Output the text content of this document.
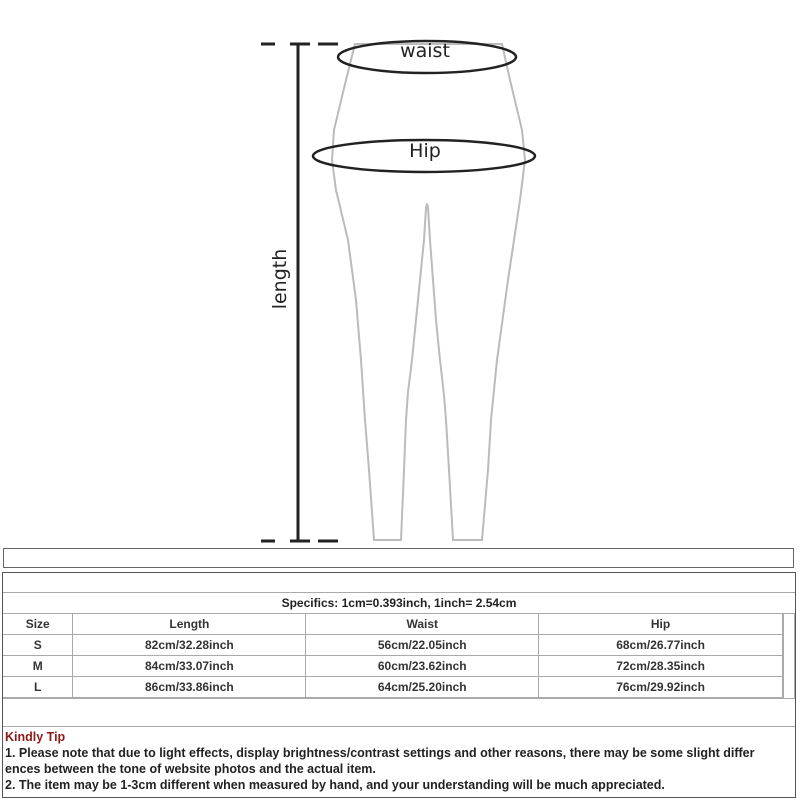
waist
Hip
length
Specifics: 1cm=0.393inch, 1inch= 2.54cm
Size	Length	Waist	Hip
S	82cm/32.28inch	56cm/22.05inch	68cm/26.77inch
M	84cm/33.07inch	60cm/23.62inch	72cm/28.35inch
L	86cm/33.86inch	64cm/25.20inch	76cm/29.92inch
Kindly Tip
1. Please note that due to light effects, display brightness/contrast settings and other reasons, there may be some slight differ
ences between the tone of website photos and the actual item.
2. The item may be 1-3cm different when measured by hand, and your understanding will be much appreciated.
